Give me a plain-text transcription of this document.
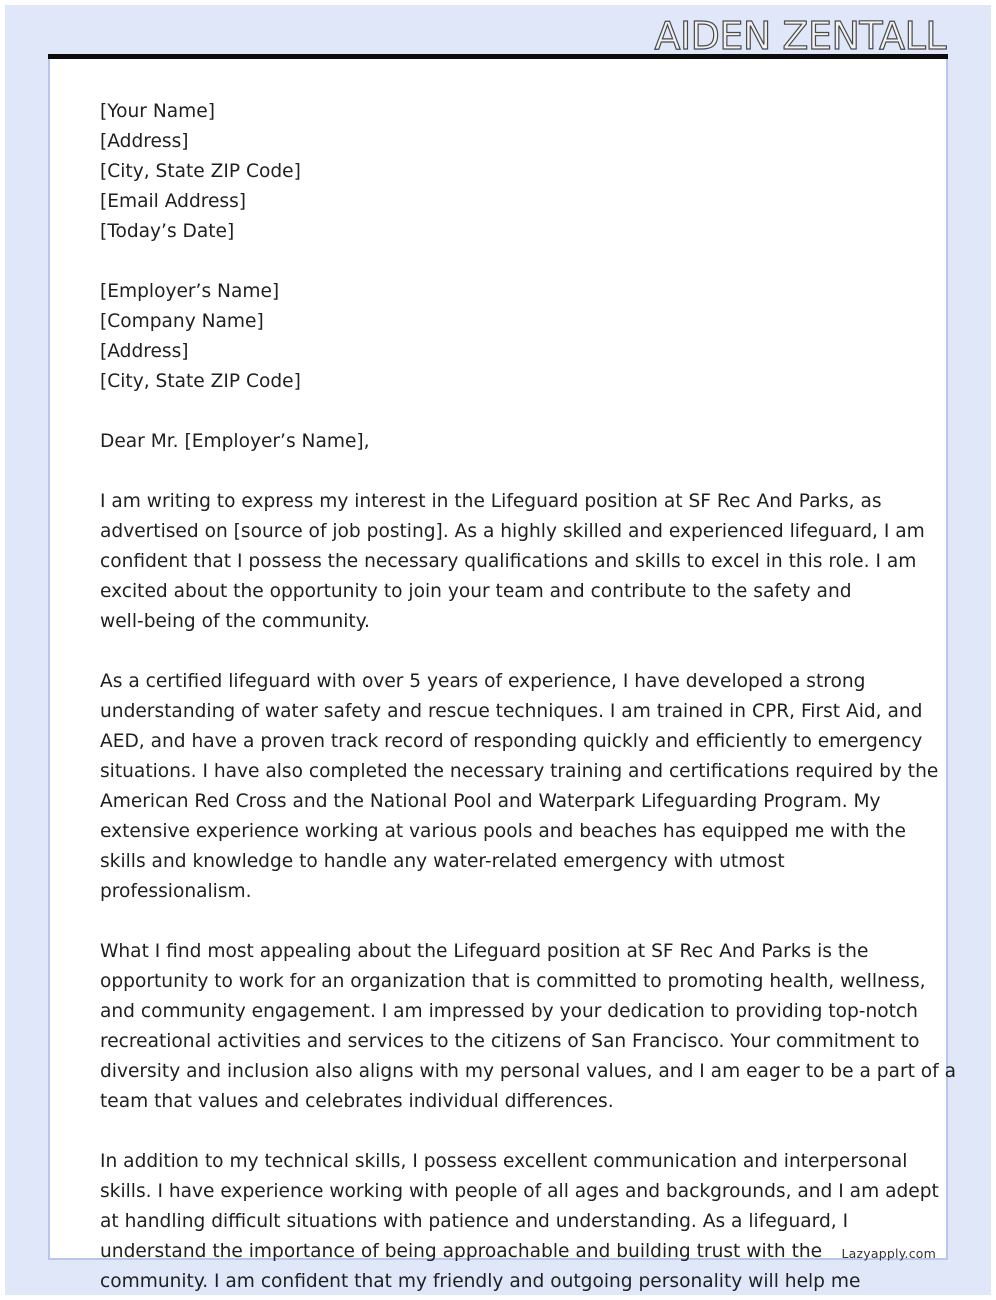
AIDEN ZENTALL
[Your Name]
[Address]
[City, State ZIP Code]
[Email Address]
[Today’s Date]
[Employer’s Name]
[Company Name]
[Address]
[City, State ZIP Code]
Dear Mr. [Employer’s Name],
I am writing to express my interest in the Lifeguard position at SF Rec And Parks, as
advertised on [source of job posting]. As a highly skilled and experienced lifeguard, I am
confident that I possess the necessary qualifications and skills to excel in this role. I am
excited about the opportunity to join your team and contribute to the safety and
well-being of the community.
As a certified lifeguard with over 5 years of experience, I have developed a strong
understanding of water safety and rescue techniques. I am trained in CPR, First Aid, and
AED, and have a proven track record of responding quickly and efficiently to emergency
situations. I have also completed the necessary training and certifications required by the
American Red Cross and the National Pool and Waterpark Lifeguarding Program. My
extensive experience working at various pools and beaches has equipped me with the
skills and knowledge to handle any water-related emergency with utmost
professionalism.
What I find most appealing about the Lifeguard position at SF Rec And Parks is the
opportunity to work for an organization that is committed to promoting health, wellness,
and community engagement. I am impressed by your dedication to providing top-notch
recreational activities and services to the citizens of San Francisco. Your commitment to
diversity and inclusion also aligns with my personal values, and I am eager to be a part of a
team that values and celebrates individual differences.
In addition to my technical skills, I possess excellent communication and interpersonal
skills. I have experience working with people of all ages and backgrounds, and I am adept
at handling difficult situations with patience and understanding. As a lifeguard, I
understand the importance of being approachable and building trust with the
community. I am confident that my friendly and outgoing personality will help me
Lazyapply.com
